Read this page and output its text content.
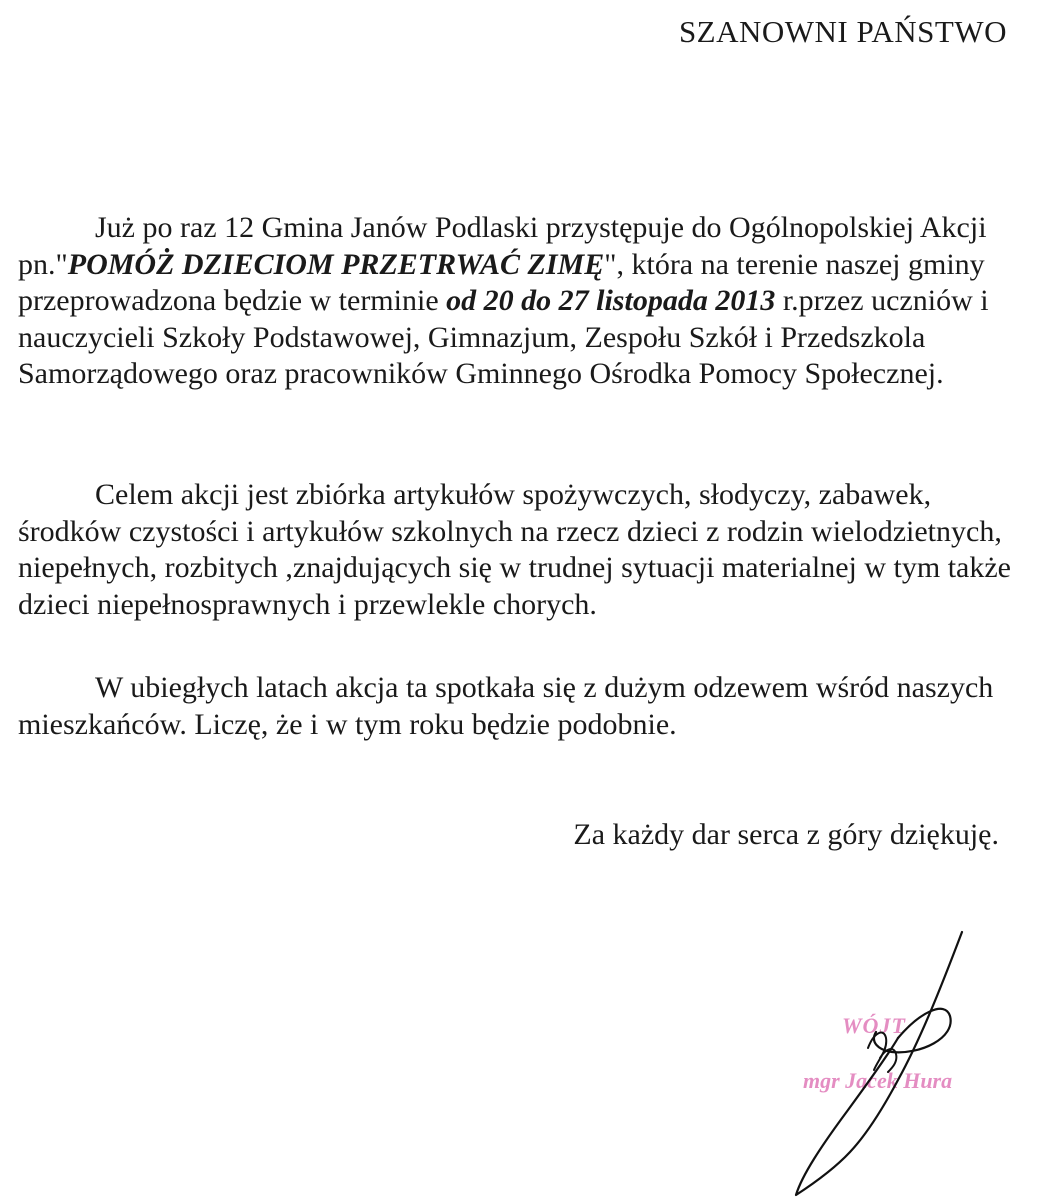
SZANOWNI PAŃSTWO

Już po raz 12 Gmina Janów Podlaski przystępuje do Ogólnopolskiej Akcji pn."POMÓŻ DZIECIOM PRZETRWAĆ ZIMĘ", która na terenie naszej gminy przeprowadzona będzie w terminie od 20 do 27 listopada 2013 r.przez uczniów i nauczycieli Szkoły Podstawowej, Gimnazjum, Zespołu Szkół i Przedszkola Samorządowego oraz pracowników Gminnego Ośrodka Pomocy Społecznej.

Celem akcji jest zbiórka artykułów spożywczych, słodyczy, zabawek, środków czystości i artykułów szkolnych na rzecz dzieci z rodzin wielodzietnych, niepełnych, rozbitych ,znajdujących się w trudnej sytuacji materialnej w tym także dzieci niepełnosprawnych i przewlekle chorych.

W ubiegłych latach akcja ta spotkała się z dużym odzewem wśród naszych mieszkańców. Liczę, że i w tym roku będzie podobnie.

Za każdy dar serca z góry dziękuję.
WÓJT
mgr Jacek Hura
